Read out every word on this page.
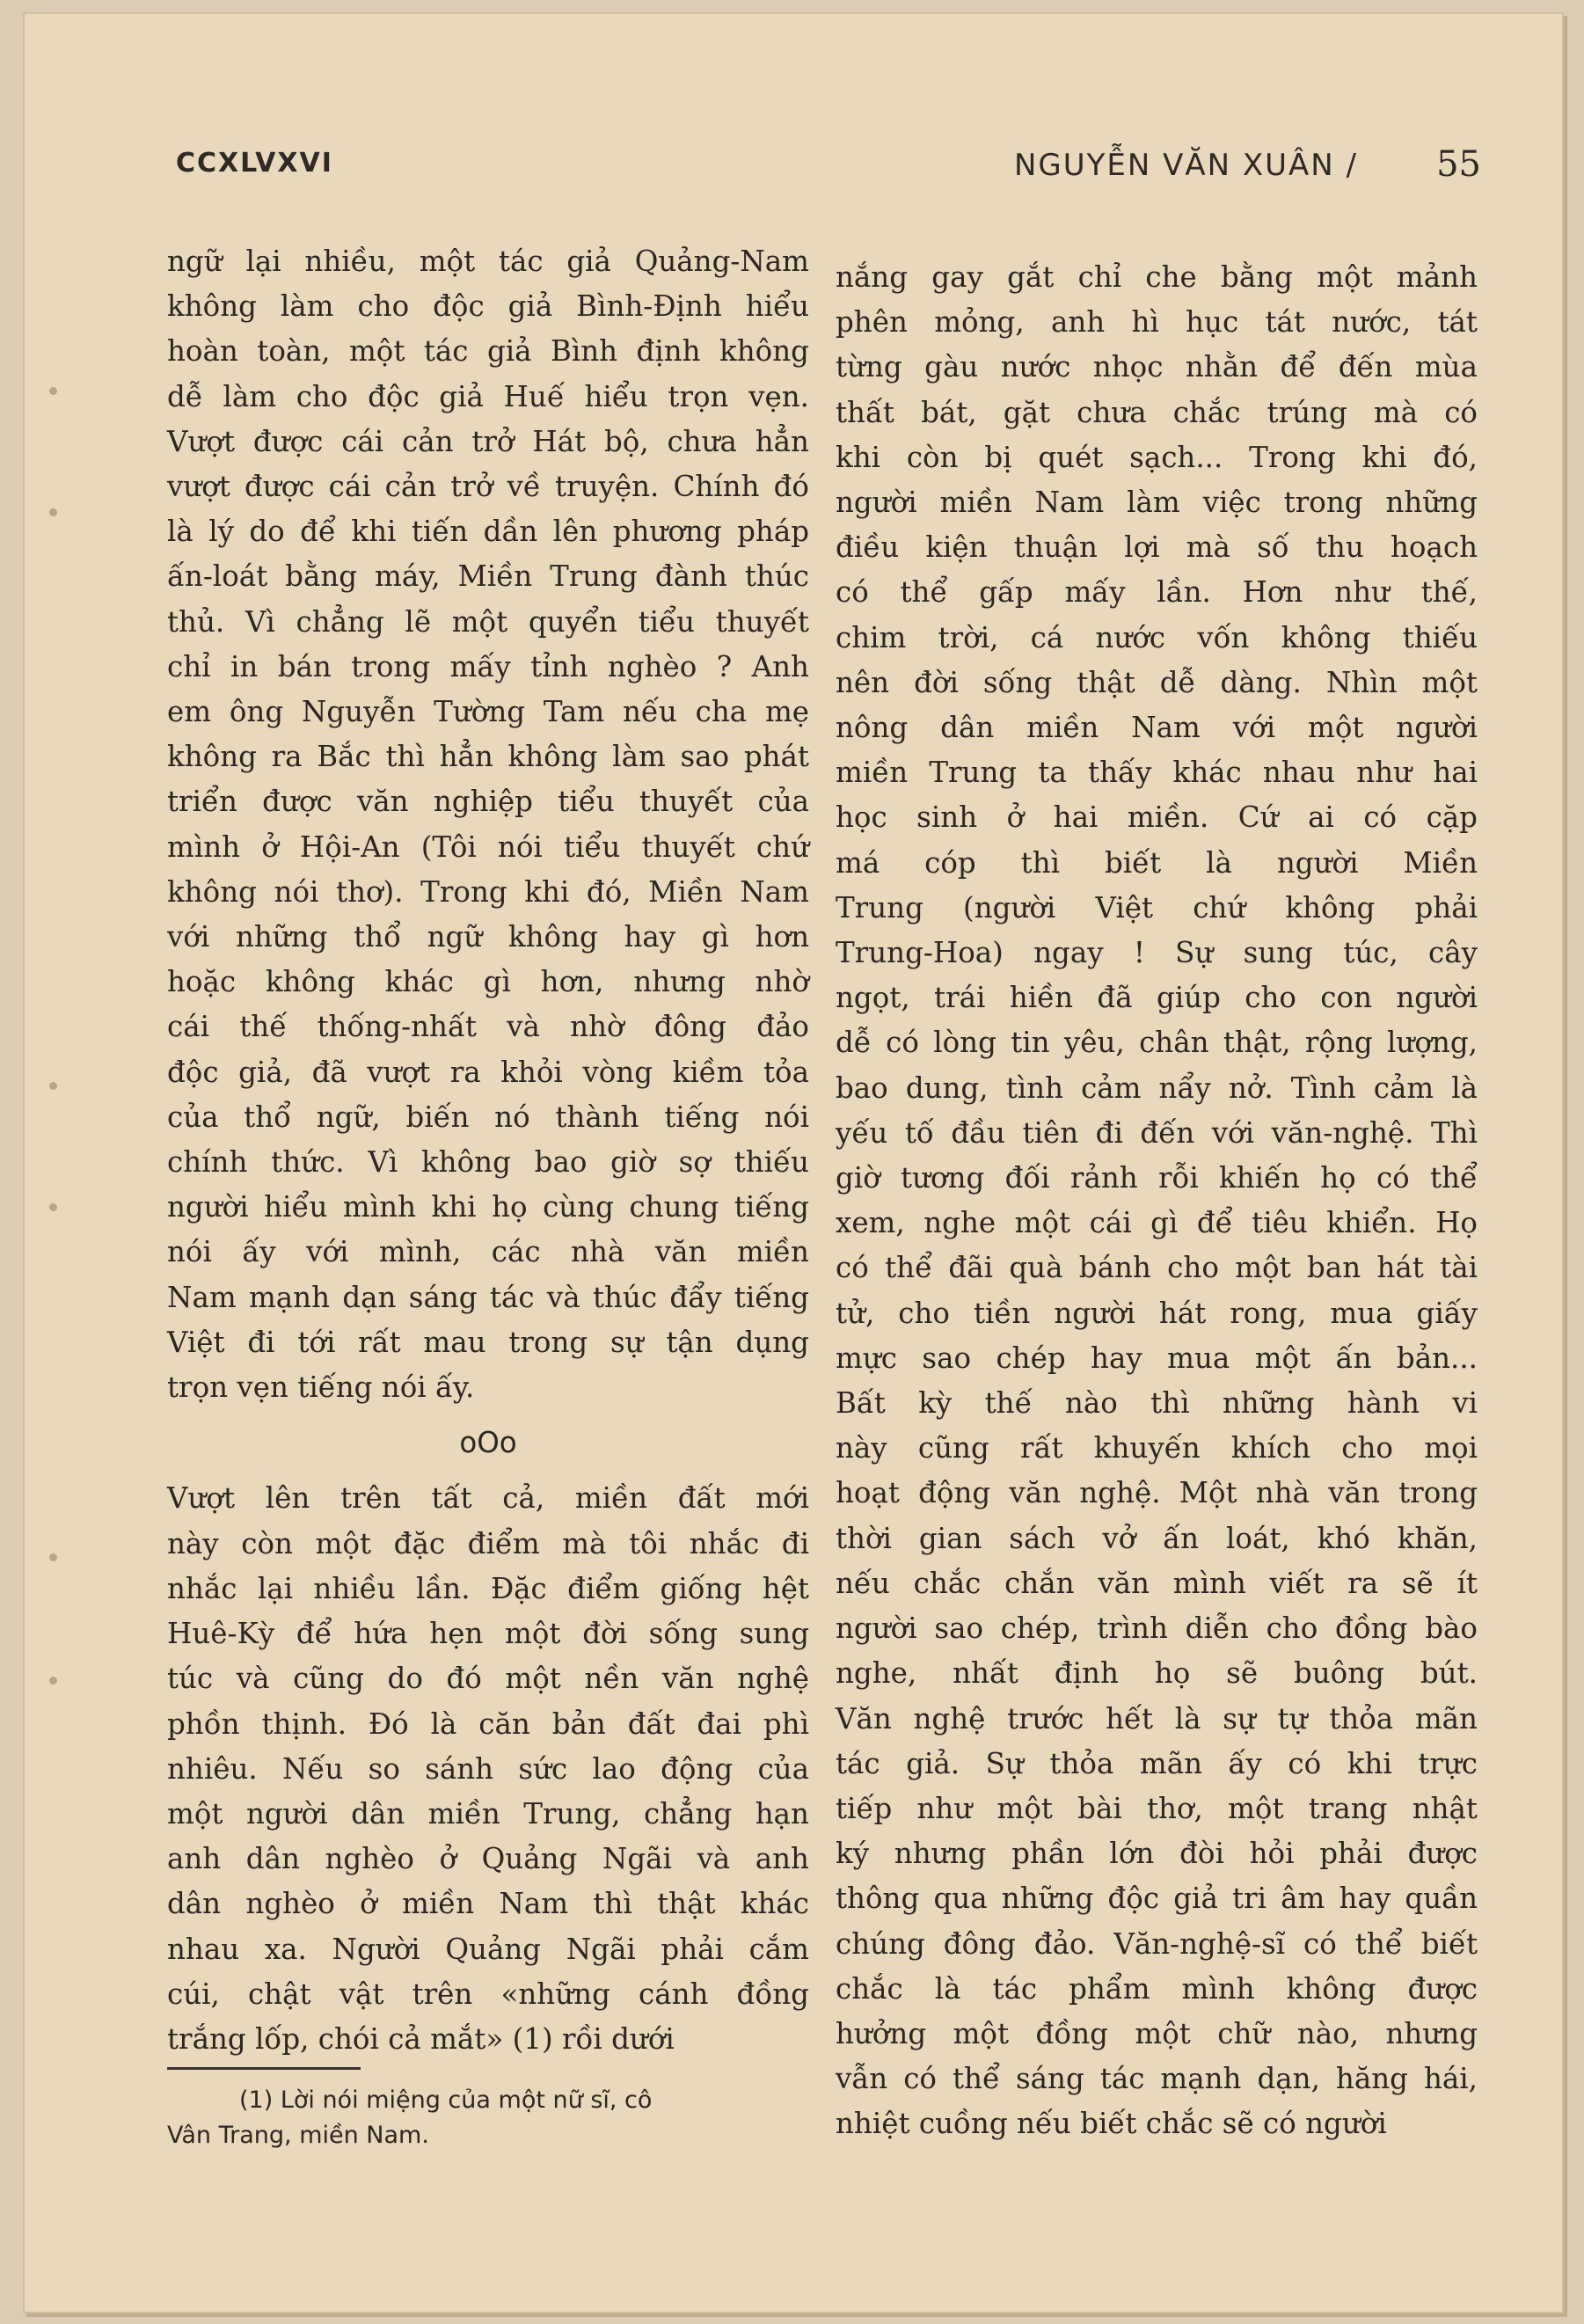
CCXLVXVI	NGUYỄN VĂN XUÂN / 55
ngữ lại nhiều, một tác giả Quảng-Nam
không làm cho độc giả Bình-Định hiểu
hoàn toàn, một tác giả Bình định không
dễ làm cho độc giả Huế hiểu trọn vẹn.
Vượt được cái cản trở Hát bộ, chưa hẳn
vượt được cái cản trở về truyện. Chính đó
là lý do để khi tiến dần lên phương pháp
ấn-loát bằng máy, Miền Trung đành thúc
thủ. Vì chẳng lẽ một quyển tiểu thuyết
chỉ in bán trong mấy tỉnh nghèo ? Anh
em ông Nguyễn Tường Tam nếu cha mẹ
không ra Bắc thì hẳn không làm sao phát
triển được văn nghiệp tiểu thuyết của
mình ở Hội-An (Tôi nói tiểu thuyết chứ
không nói thơ). Trong khi đó, Miền Nam
với những thổ ngữ không hay gì hơn
hoặc không khác gì hơn, nhưng nhờ
cái thế thống-nhất và nhờ đông đảo
độc giả, đã vượt ra khỏi vòng kiềm tỏa
của thổ ngữ, biến nó thành tiếng nói
chính thức. Vì không bao giờ sợ thiếu
người hiểu mình khi họ cùng chung tiếng
nói ấy với mình, các nhà văn miền
Nam mạnh dạn sáng tác và thúc đẩy tiếng
Việt đi tới rất mau trong sự tận dụng
trọn vẹn tiếng nói ấy.
oOo
Vượt lên trên tất cả, miền đất mới
này còn một đặc điểm mà tôi nhắc đi
nhắc lại nhiều lần. Đặc điểm giống hệt
Huê-Kỳ để hứa hẹn một đời sống sung
túc và cũng do đó một nền văn nghệ
phồn thịnh. Đó là căn bản đất đai phì
nhiêu. Nếu so sánh sức lao động của
một người dân miền Trung, chẳng hạn
anh dân nghèo ở Quảng Ngãi và anh
dân nghèo ở miền Nam thì thật khác
nhau xa. Người Quảng Ngãi phải cắm
cúi, chật vật trên «những cánh đồng
trắng lốp, chói cả mắt» (1) rồi dưới
(1) Lời nói miệng của một nữ sĩ, cô
Vân Trang, miền Nam.
nắng gay gắt chỉ che bằng một mảnh
phên mỏng, anh hì hục tát nước, tát
từng gàu nước nhọc nhằn để đến mùa
thất bát, gặt chưa chắc trúng mà có
khi còn bị quét sạch... Trong khi đó,
người miền Nam làm việc trong những
điều kiện thuận lợi mà số thu hoạch
có thể gấp mấy lần. Hơn như thế,
chim trời, cá nước vốn không thiếu
nên đời sống thật dễ dàng. Nhìn một
nông dân miền Nam với một người
miền Trung ta thấy khác nhau như hai
học sinh ở hai miền. Cứ ai có cặp
má cóp thì biết là người Miền
Trung (người Việt chứ không phải
Trung-Hoa) ngay ! Sự sung túc, cây
ngọt, trái hiền đã giúp cho con người
dễ có lòng tin yêu, chân thật, rộng lượng,
bao dung, tình cảm nẩy nở. Tình cảm là
yếu tố đầu tiên đi đến với văn-nghệ. Thì
giờ tương đối rảnh rỗi khiến họ có thể
xem, nghe một cái gì để tiêu khiển. Họ
có thể đãi quà bánh cho một ban hát tài
tử, cho tiền người hát rong, mua giấy
mực sao chép hay mua một ấn bản...
Bất kỳ thế nào thì những hành vi
này cũng rất khuyến khích cho mọi
hoạt động văn nghệ. Một nhà văn trong
thời gian sách vở ấn loát, khó khăn,
nếu chắc chắn văn mình viết ra sẽ ít
người sao chép, trình diễn cho đồng bào
nghe, nhất định họ sẽ buông bút.
Văn nghệ trước hết là sự tự thỏa mãn
tác giả. Sự thỏa mãn ấy có khi trực
tiếp như một bài thơ, một trang nhật
ký nhưng phần lớn đòi hỏi phải được
thông qua những độc giả tri âm hay quần
chúng đông đảo. Văn-nghệ-sĩ có thể biết
chắc là tác phẩm mình không được
hưởng một đồng một chữ nào, nhưng
vẫn có thể sáng tác mạnh dạn, hăng hái,
nhiệt cuồng nếu biết chắc sẽ có người
